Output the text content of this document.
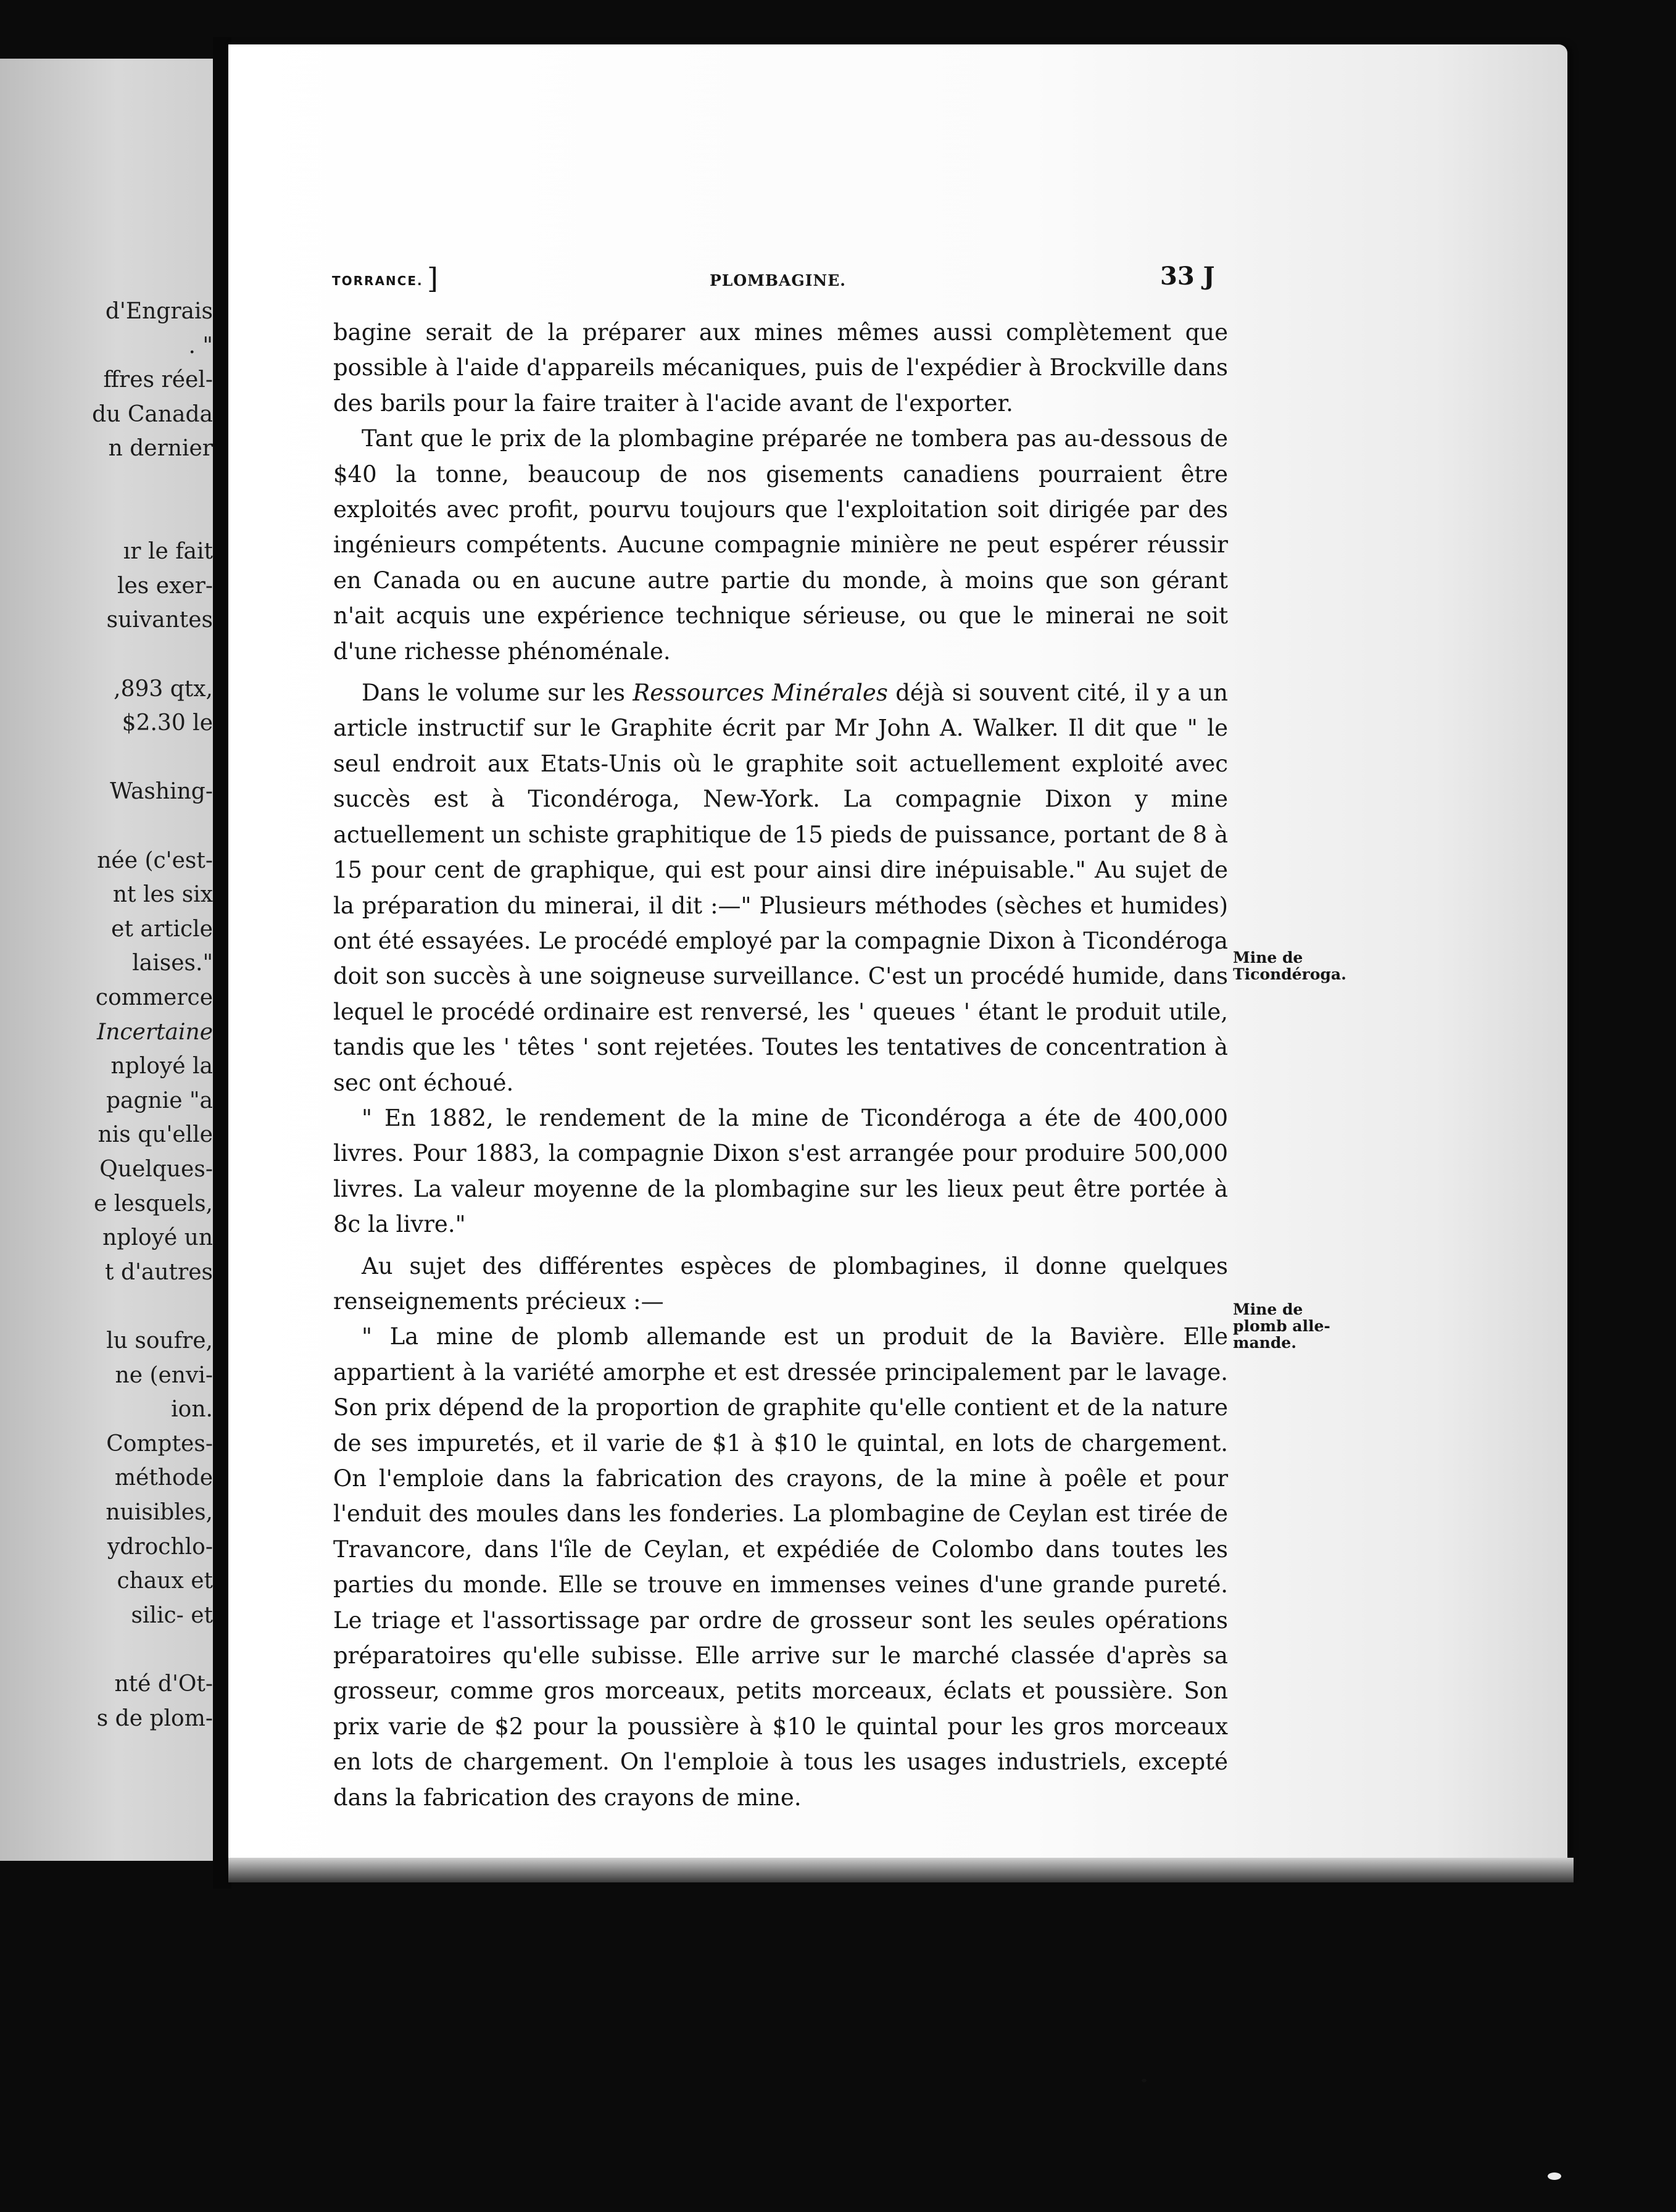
d'Engrais
. "
ffres réel-
du Canada
n dernier
ır le fait
les exer-
suivantes
,893 qtx,
$2.30 le
Washing-
née (c'est-
nt les six
et article
laises."
commerce
Incertaine
nployé la
pagnie "a
nis qu'elle
Quelques-
e lesquels,
nployé un
t d'autres
lu soufre,
ne (envi-
ion.
Comptes-
méthode
nuisibles,
ydrochlo-
chaux et
silic- et
nté d'Ot-
s de plom-
TORRANCE. ]	PLOMBAGINE.	33 J

bagine serait de la préparer aux mines mêmes aussi complètement que possible à l'aide d'appareils mécaniques, puis de l'expédier à Brockville dans des barils pour la faire traiter à l'acide avant de l'exporter.

Tant que le prix de la plombagine préparée ne tombera pas au-dessous de $40 la tonne, beaucoup de nos gisements canadiens pourraient être exploités avec profit, pourvu toujours que l'exploitation soit dirigée par des ingénieurs compétents. Aucune compagnie minière ne peut espérer réussir en Canada ou en aucune autre partie du monde, à moins que son gérant n'ait acquis une expérience technique sérieuse, ou que le minerai ne soit d'une richesse phénoménale.

Dans le volume sur les Ressources Minérales déjà si souvent cité, il y a un article instructif sur le Graphite écrit par Mr John A. Walker. Il dit que " le seul endroit aux Etats-Unis où le graphite soit actuellement exploité avec succès est à Ticondéroga, New-York. La compagnie Dixon y mine actuellement un schiste graphitique de 15 pieds de puissance, portant de 8 à 15 pour cent de graphique, qui est pour ainsi dire inépuisable." Au sujet de la préparation du minerai, il dit :—" Plusieurs méthodes (sèches et humides) ont été essayées. Le procédé employé par la compagnie Dixon à Ticondéroga doit son succès à une soigneuse surveillance. C'est un procédé humide, dans lequel le procédé ordinaire est renversé, les ' queues ' étant le produit utile, tandis que les ' têtes ' sont rejetées. Toutes les tentatives de concentration à sec ont échoué.

" En 1882, le rendement de la mine de Ticondéroga a éte de 400,000 livres. Pour 1883, la compagnie Dixon s'est arrangée pour produire 500,000 livres. La valeur moyenne de la plombagine sur les lieux peut être portée à 8c la livre."

Au sujet des différentes espèces de plombagines, il donne quelques renseignements précieux :—

" La mine de plomb allemande est un produit de la Bavière. Elle appartient à la variété amorphe et est dressée principalement par le lavage. Son prix dépend de la proportion de graphite qu'elle contient et de la nature de ses impuretés, et il varie de $1 à $10 le quintal, en lots de chargement. On l'emploie dans la fabrication des crayons, de la mine à poêle et pour l'enduit des moules dans les fonderies. La plombagine de Ceylan est tirée de Travancore, dans l'île de Ceylan, et expédiée de Colombo dans toutes les parties du monde. Elle se trouve en immenses veines d'une grande pureté. Le triage et l'assortissage par ordre de grosseur sont les seules opérations préparatoires qu'elle subisse. Elle arrive sur le marché classée d'après sa grosseur, comme gros morceaux, petits morceaux, éclats et poussière. Son prix varie de $2 pour la poussière à $10 le quintal pour les gros morceaux en lots de chargement. On l'emploie à tous les usages industriels, excepté dans la fabrication des crayons de mine.

Mine de
Ticondéroga.
Mine de
plomb alle-
mande.
